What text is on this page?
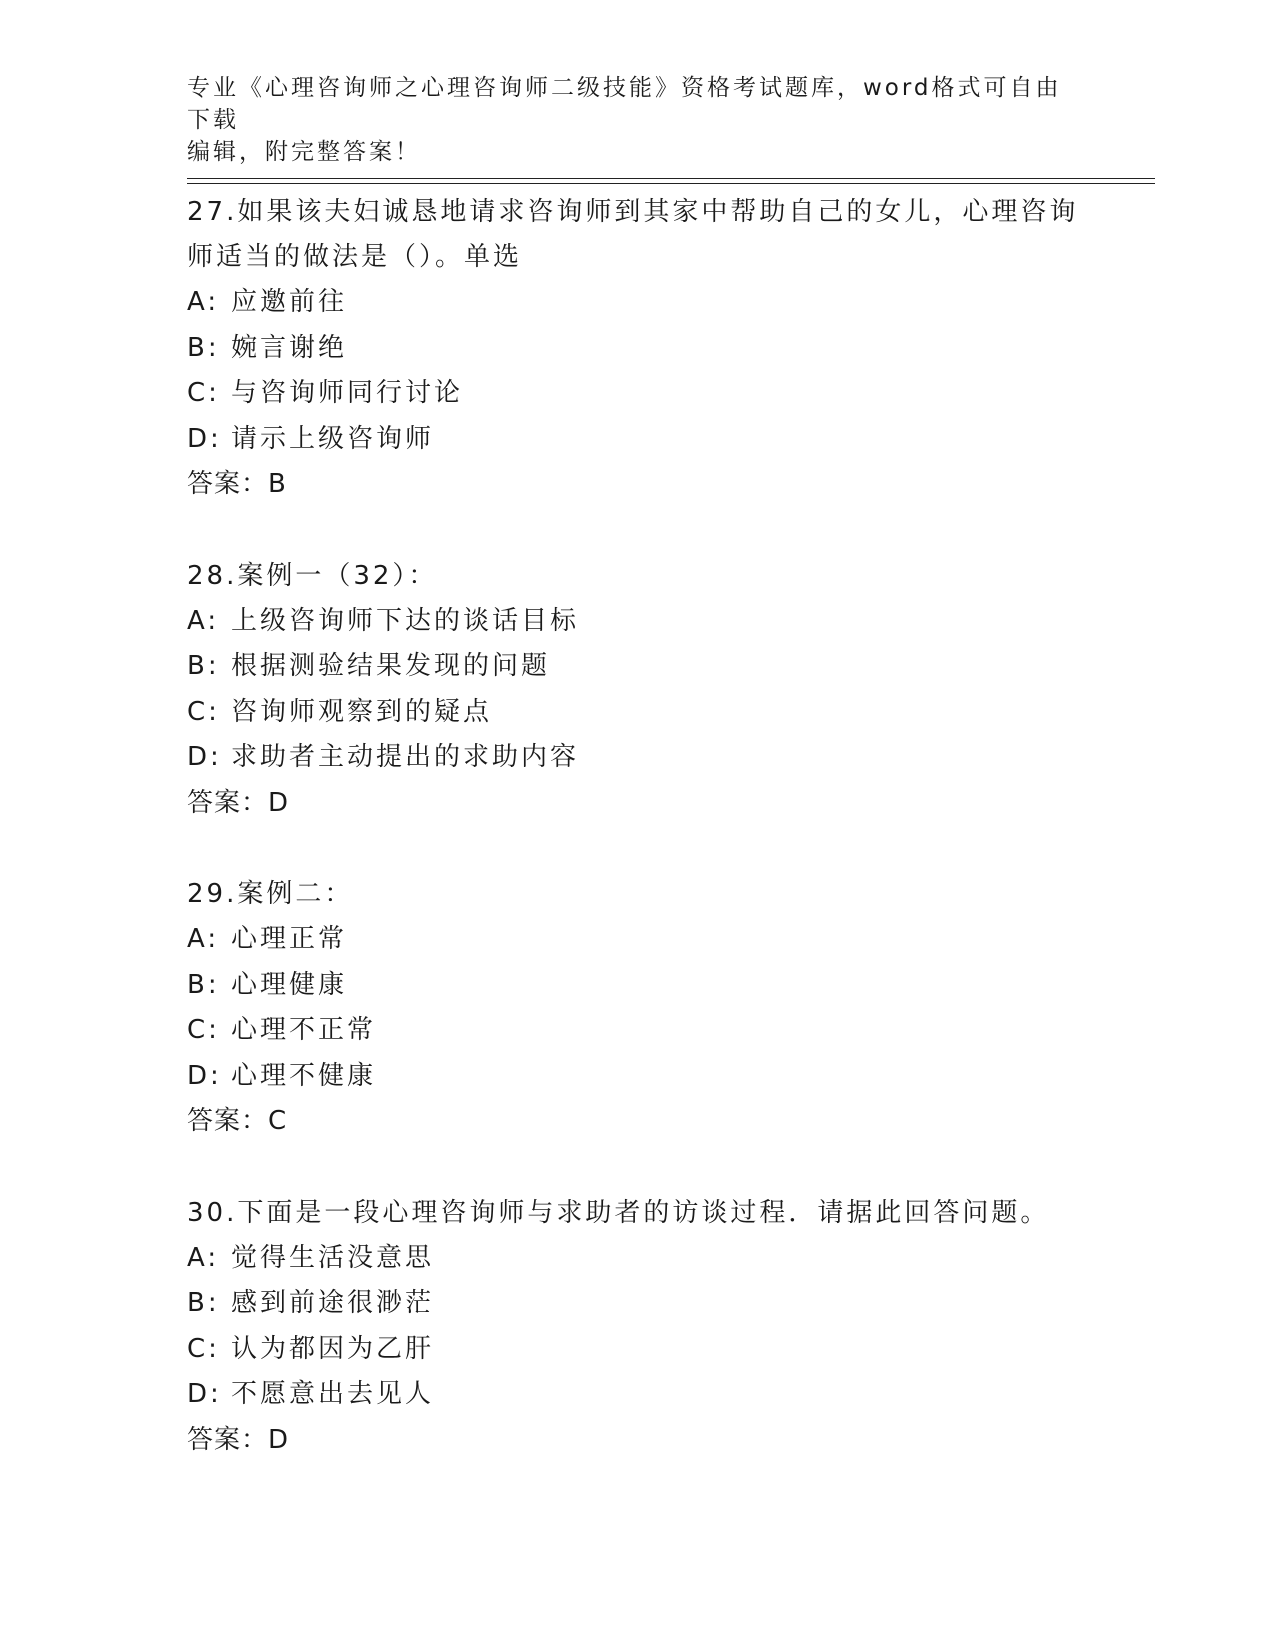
专业《心理咨询师之心理咨询师二级技能》资格考试题库，word格式可自由下载
编辑，附完整答案！
27.如果该夫妇诚恳地请求咨询师到其家中帮助自己的女儿，心理咨询
师适当的做法是（）。单选
A: 应邀前往
B: 婉言谢绝
C: 与咨询师同行讨论
D: 请示上级咨询师
答案：B
28.案例一（32）：
A: 上级咨询师下达的谈话目标
B: 根据测验结果发现的问题
C: 咨询师观察到的疑点
D: 求助者主动提出的求助内容
答案：D
29.案例二：
A: 心理正常
B: 心理健康
C: 心理不正常
D: 心理不健康
答案：C
30.下面是一段心理咨询师与求助者的访谈过程．请据此回答问题。
A: 觉得生活没意思
B: 感到前途很渺茫
C: 认为都因为乙肝
D: 不愿意出去见人
答案：D
